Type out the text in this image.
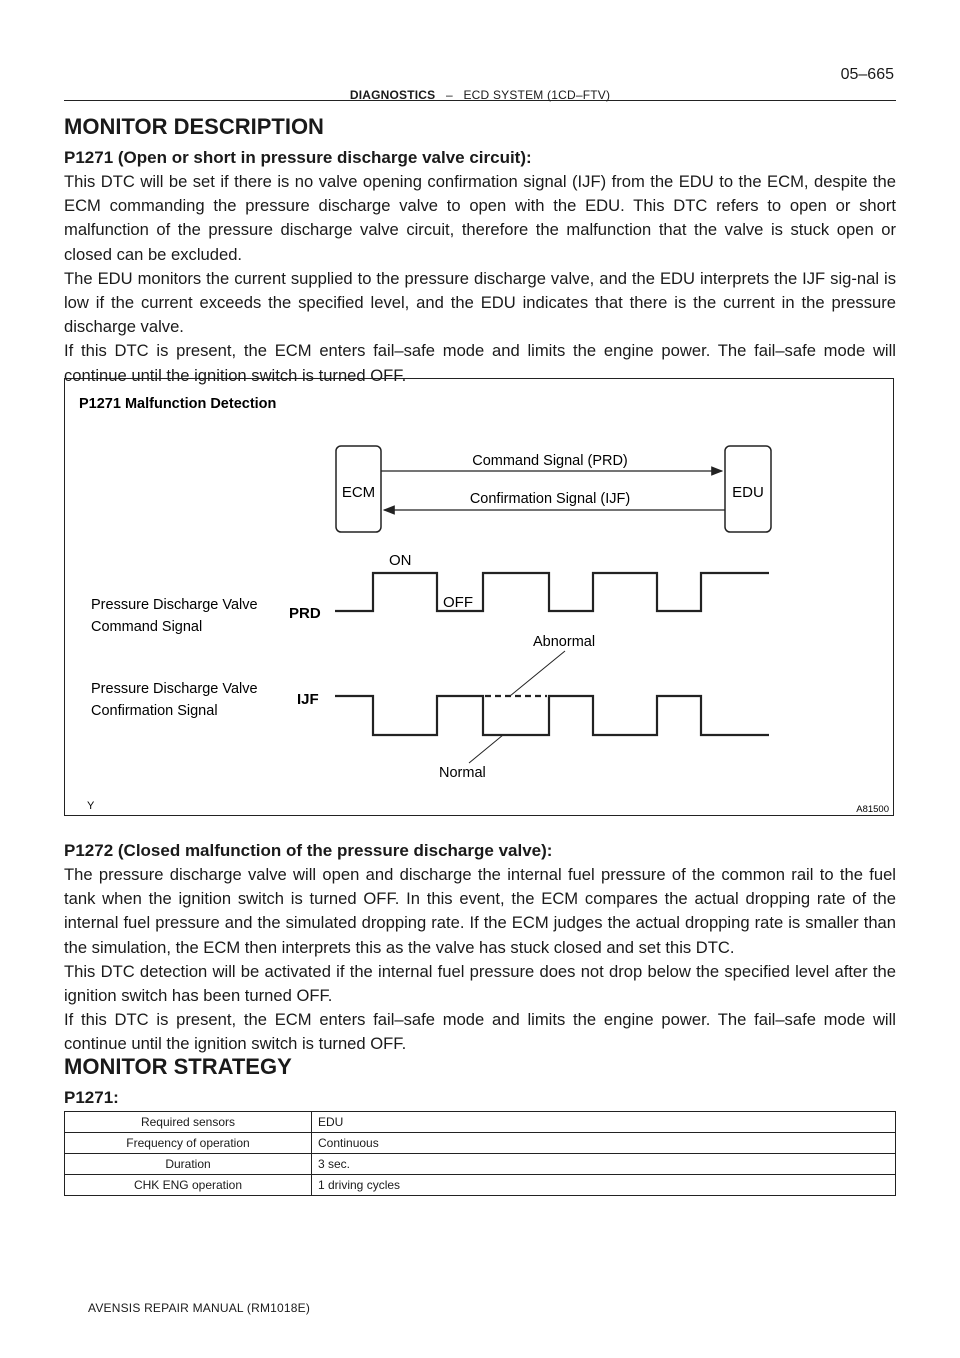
05–665
DIAGNOSTICS – ECD SYSTEM (1CD–FTV)
MONITOR DESCRIPTION
P1271 (Open or short in pressure discharge valve circuit):

This DTC will be set if there is no valve opening confirmation signal (IJF) from the EDU to the ECM, despite the ECM commanding the pressure discharge valve to open with the EDU. This DTC refers to open or short malfunction of the pressure discharge valve circuit, therefore the malfunction that the valve is stuck open or closed can be excluded.

The EDU monitors the current supplied to the pressure discharge valve, and the EDU interprets the IJF sig-nal is low if the current exceeds the specified level, and the EDU indicates that there is the current in the pressure discharge valve.

If this DTC is present, the ECM enters fail–safe mode and limits the engine power. The fail–safe mode will continue until the ignition switch is turned OFF.

P1271 Malfunction Detection
ECM	EDU
Command Signal (PRD)
Confirmation Signal (IJF)
Pressure Discharge Valve
Command Signal
PRD
ON
OFF
Pressure Discharge Valve
Confirmation Signal
IJF
Abnormal
Normal
Y	A81500
P1272 (Closed malfunction of the pressure discharge valve):

The pressure discharge valve will open and discharge the internal fuel pressure of the common rail to the fuel tank when the ignition switch is turned OFF. In this event, the ECM compares the actual dropping rate of the internal fuel pressure and the simulated dropping rate. If the ECM judges the actual dropping rate is smaller than the simulation, the ECM then interprets this as the valve has stuck closed and set this DTC.

This DTC detection will be activated if the internal fuel pressure does not drop below the specified level after the ignition switch has been turned OFF.

If this DTC is present, the ECM enters fail–safe mode and limits the engine power. The fail–safe mode will continue until the ignition switch is turned OFF.

MONITOR STRATEGY
P1271:
Required sensors	EDU
Frequency of operation	Continuous
Duration	3 sec.
CHK ENG operation	1 driving cycles
AVENSIS REPAIR MANUAL (RM1018E)
